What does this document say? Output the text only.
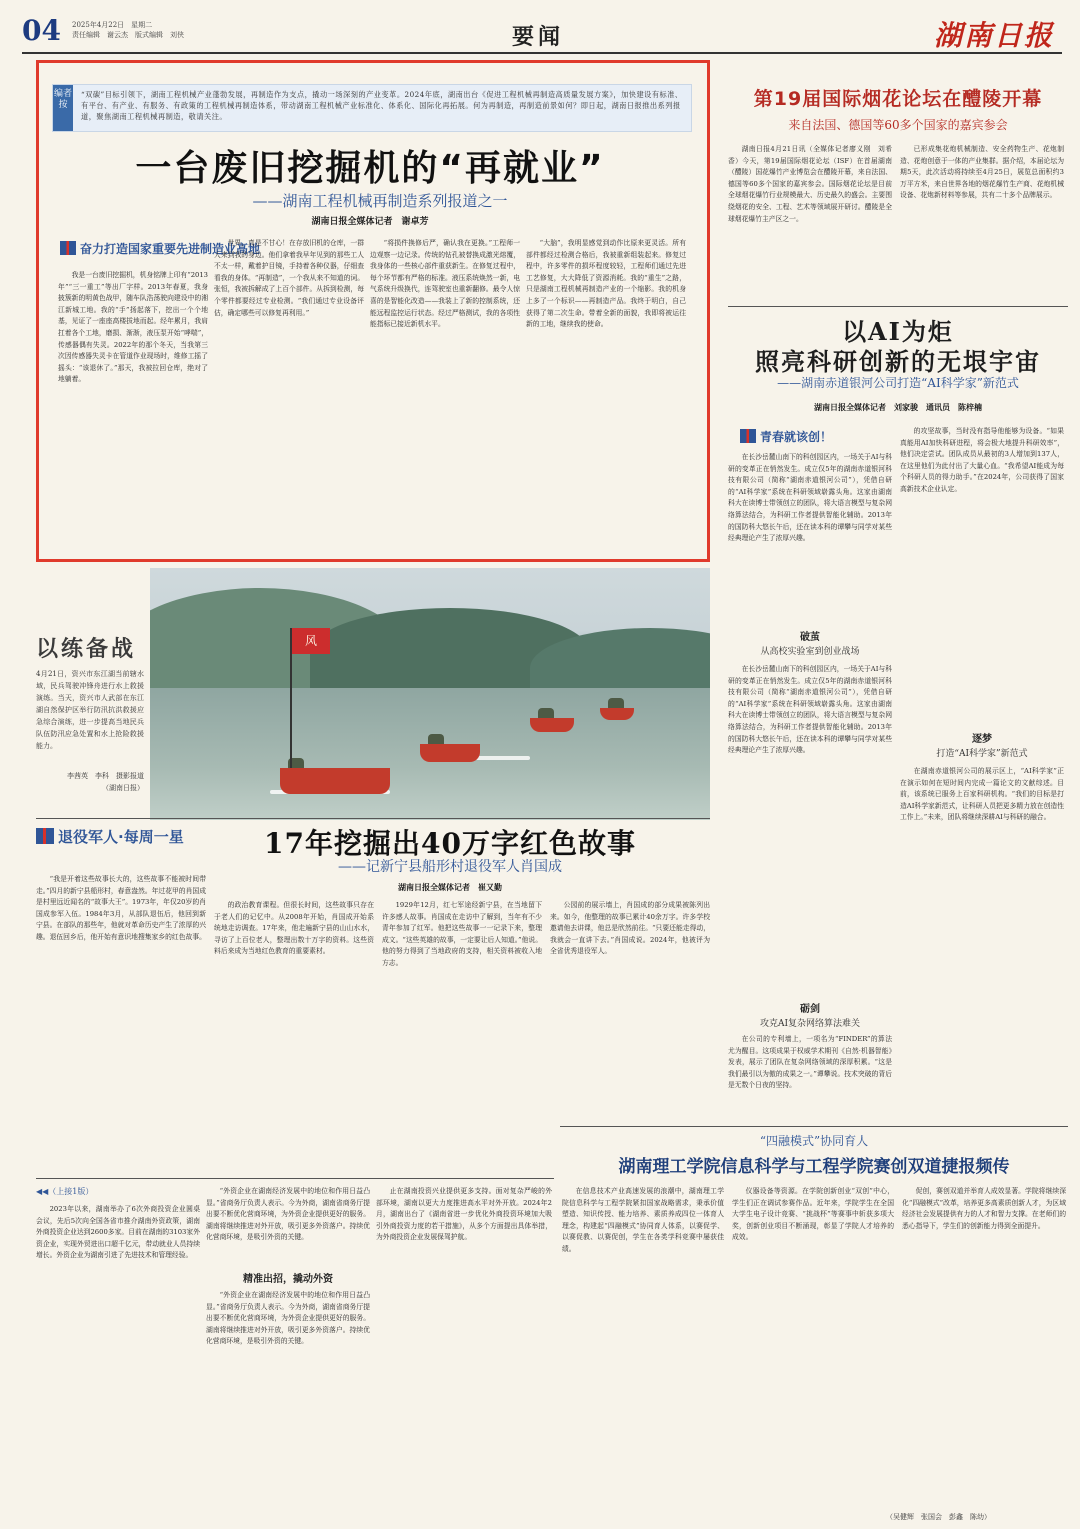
04 2025年4月22日　星期二
责任编辑　谢云杰　版式编辑　刘侠	要闻	湖南日报
编者按
“双碳”目标引领下，湖南工程机械产业蓬勃发展，再制造作为支点，撬动一场深刻的产业变革。2024年底，湖南出台《促进工程机械再制造高质量发展方案》，加快建设有标准、有平台、有产业、有服务、有政策的工程机械再制造体系，带动湖南工程机械产业标准化、体系化、国际化再拓展。何为再制造，再制造前景如何？即日起，湖南日报推出系列报道，聚焦湖南工程机械再制造，敬请关注。
一台废旧挖掘机的“再就业”
——湖南工程机械再制造系列报道之一
湖南日报全媒体记者　谢卓芳
奋力打造国家重要先进制造业高地

我是一台废旧挖掘机，机身铭牌上印有“2013年”“三一重工”等出厂字样。2013年春夏，我身披簇新的明黄色战甲，随车队浩荡驶向建设中的湘江新城工地。我的“手”扬起落下，挖出一个个地基，见证了一座座高楼拔地而起。经年累月，我肩扛着各个工地，磨损、渐渐，液压泵开始“哮喘”，传感器偶有失灵。2022年的那个冬天，当我第三次因传感器失灵卡在管道作业现场时，维修工摇了摇头：“该退休了。”那天，我被拉回仓库，绝对了地躺着。

世界，真是不甘心！在存放旧机的仓库，一群人来到我的身边。他们拿着我早年见到的那些工人不太一样，戴着护目镜，手持着各种仪器，仔细查看我的身体。“再制造”，一个我从来不知道的词。张恒，我被拆解成了上百个部件。从拆到检测，每个零件都要经过专业检测。“我们通过专业设备评估，确定哪些可以修复再利用。”

“将损件换修后严，确认我在更换。”工程师一边观察一边记录。传统的钻孔被替换成激光熔覆，我身体的一些核心部件重获新生。在修复过程中，每个环节都有严格的标准。液压系统焕然一新，电气系统升级换代，连驾驶室也重新翻修。最令人惊喜的是智能化改造——我装上了新的控制系统，还能远程监控运行状态。经过严格测试，我的各项性能指标已接近新机水平。

“大脑”，我明显感觉到动作比原来更灵活。所有部件都经过检测合格后，我被重新组装起来。修复过程中，许多零件的损坏程度较轻，工程师们通过先进工艺修复，大大降低了资源消耗。我的“重生”之路，只是湖南工程机械再制造产业的一个缩影。我的机身上多了一个标识——再制造产品。我终于明白，自己获得了第二次生命。带着全新的面貌，我即将被运往新的工地，继续我的使命。

第19届国际烟花论坛在醴陵开幕
来自法国、德国等60多个国家的嘉宾参会

湖南日报4月21日讯（全媒体记者廖义刚　刘希香）今天，第19届国际烟花论坛（ISF）在首届湖南（醴陵）国花爆竹产业博览会在醴陵开幕，来自法国、德国等60多个国家的嘉宾参会。国际烟花论坛是目前全球烟花爆竹行业规模最大、历史最久的盛会。主要围绕烟花的安全、工程、艺术等领域展开研讨。醴陵是全球烟花爆竹主产区之一。

已形成集花炮机械制造、安全药物生产、花炮制造、花炮创意于一体的产业集群。据介绍，本届论坛为期5天，此次活动将持续至4月25日，展览总面积约3万平方米，来自世界各地的烟花爆竹生产商、花炮机械设备、花炮新材料等参展，共有二十多个品牌展示。

以AI为炬
照亮科研创新的无垠宇宙
——湖南赤道银河公司打造“AI科学家”新范式
湖南日报全媒体记者　刘家骏　通讯员　陈梓楠
青春就该创！

在长沙岳麓山南下的科创园区内，一场关于AI与科研的变革正在悄然发生。成立仅5年的湖南赤道银河科技有限公司（简称“湖南赤道银河公司”），凭借自研的“AI科学家”系统在科研领域崭露头角。这家由湖南科大在读博士带领创立的团队，将大语言模型与复杂网络算法结合，为科研工作者提供智能化辅助。2013年的国防科大悠长午后，还在读本科的谭攀与同学对某些经典理论产生了浓厚兴趣。

的攻坚故事，当时没有指导他能够为设备。“如果真能用AI加快科研进程，将会极大地提升科研效率”，他们决定尝试。团队成员从最初的3人增加到137人，在这里他们为此付出了大量心血。“我希望AI能成为每个科研人员的得力助手。”在2024年，公司获得了国家高新技术企业认定。

破茧
从高校实验室到创业战场

在长沙岳麓山南下的科创园区内，一场关于AI与科研的变革正在悄然发生。成立仅5年的湖南赤道银河科技有限公司（简称“湖南赤道银河公司”），凭借自研的“AI科学家”系统在科研领域崭露头角。这家由湖南科大在读博士带领创立的团队，将大语言模型与复杂网络算法结合，为科研工作者提供智能化辅助。2013年的国防科大悠长午后，还在读本科的谭攀与同学对某些经典理论产生了浓厚兴趣。

逐梦
打造“AI科学家”新范式

在湖南赤道银河公司的展示区上，“AI科学家”正在演示如何在短时间内完成一篇论文的文献综述。目前，该系统已服务上百家科研机构。“我们的目标是打造AI科学家新范式，让科研人员把更多精力放在创造性工作上。”未来，团队将继续深耕AI与科研的融合。

砺剑
攻克AI复杂网络算法难关

在公司的专利墙上，一项名为“FINDER”的算法尤为醒目。这项成果于权威学术期刊《自然·机器智能》发表，展示了团队在复杂网络领域的深厚积累。“这是我们最引以为傲的成果之一。”谭攀说。技术突破的背后是无数个日夜的坚持。

风
以练备战
4月21日，资兴市东江湖当前辖水域，民兵驾驶冲锋舟进行水上救援演练。当天，资兴市人武部在东江湖自然保护区举行防汛抗洪救援应急综合演练，进一步提高当地民兵队伍防汛应急处置和水上抢险救援能力。
李茜英　李科　摄影报道
（湖南日报）
退役军人·每周一星	17年挖掘出40万字红色故事
——记新宁县船形村退役军人肖国成
湖南日报全媒体记者　崔又勤

“我是开着这些故事长大的，这些故事不能被时间带走。”四月的新宁县船形村，春意盎然。年过花甲的肖国成是村里远近闻名的“故事大王”。1973年，年仅20岁的肖国成参军入伍。1984年3月，从部队退伍后，他回到新宁县。在部队的那些年，他就对革命历史产生了浓厚的兴趣。退伍回乡后，他开始有意识地搜集家乡的红色故事。

的政治教育课程。但很长时间，这些故事只存在于老人们的记忆中。从2008年开始，肖国成开始系统地走访调查。17年来，他走遍新宁县的山山水水，寻访了上百位老人，整理出数十万字的资料。这些资料后来成为当地红色教育的重要素材。

1929年12月，红七军途经新宁县，在当地留下许多感人故事。肖国成在走访中了解到，当年有不少青年参加了红军。他把这些故事一一记录下来，整理成文。“这些英雄的故事，一定要让后人知道。”他说。他的努力得到了当地政府的支持，相关资料被收入地方志。

公园前的展示墙上，肖国成的部分成果被陈列出来。如今，他整理的故事已累计40余万字。许多学校邀请他去讲课，他总是欣然前往。“只要还能走得动，我就会一直讲下去。”肖国成说。2024年，他被评为全省优秀退役军人。

◀◀（上接1版）

2023年以来，湖南举办了6次外商投资企业圆桌会议，先后5次向全国各省市推介湖南外资政策，湖南外商投资企业达到2600多家。目前在湖南的3103家外资企业，实现外贸进出口超千亿元，带动就业人员持续增长。外资企业为湖南引进了先进技术和管理经验。

“外资企业在湖南经济发展中的地位和作用日益凸显。”省商务厅负责人表示。今为外商，湖南省商务厅提出要不断优化营商环境，为外资企业提供更好的服务。湖南将继续推进对外开放，吸引更多外资落户。持续优化营商环境，是吸引外资的关键。

精准出招，撬动外资

“外资企业在湖南经济发展中的地位和作用日益凸显。”省商务厅负责人表示。今为外商，湖南省商务厅提出要不断优化营商环境，为外资企业提供更好的服务。湖南将继续推进对外开放，吸引更多外资落户。持续优化营商环境，是吸引外资的关键。

止在湖南投资兴业提供更多支持。面对复杂严峻的外部环境，湖南以更大力度推进高水平对外开放。2024年2月，湖南出台了《湖南省进一步优化外商投资环境加大吸引外商投资力度的若干措施》，从多个方面提出具体举措，为外商投资企业发展保驾护航。

“四融模式”协同育人
湖南理工学院信息科学与工程学院赛创双道捷报频传

在信息技术产业高速发展的浪潮中，湖南理工学院信息科学与工程学院紧扣国家战略需求，秉承价值塑造、知识传授、能力培养、素质养成四位一体育人理念，构建起“四融模式”协同育人体系，以赛促学、以赛促教、以赛促创，学生在各类学科竞赛中屡获佳绩。

仪器设备等资源。在学院创新创业“双创”中心，学生们正在调试参赛作品。近年来，学院学生在全国大学生电子设计竞赛、“挑战杯”等赛事中斩获多项大奖，创新创业项目不断涌现，彰显了学院人才培养的成效。

促创，赛创双道并举育人成效显著。学院将继续深化“四融模式”改革，培养更多高素质创新人才，为区域经济社会发展提供有力的人才和智力支撑。在老师们的悉心指导下，学生们的创新能力得到全面提升。

（吴健辉　张国会　彭鑫　陈幼）
